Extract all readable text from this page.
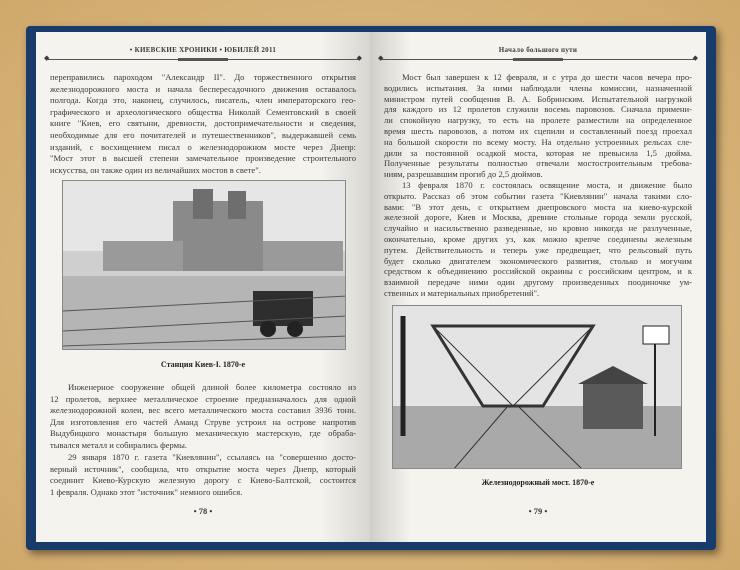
• КИЕВСКИЕ ХРОНИКИ • ЮБИЛЕЙ 2011
◆
◆
переправились пароходом "Александр II". До торжественного открытия
железнодорожного моста и начала беспересадочного движения оставалось
полгода. Когда это, наконец, случилось, писатель, член императорского гео-
графического и археологического общества Николай Сементовский в своей
книге "Киев, его святыни, древности, достопримечательности и сведения,
необходимые для его почитателей и путешественников", выдержавшей семь
изданий, с восхищением писал о железнодорожном мосте через Днепр:
"Мост этот в высшей степени замечательное произведение строительного
искусства, он также один из величайших мостов в свете".
Станция Киев-I. 1870-е
Инженерное сооружение общей длиной более километра состояло из
12 пролетов, верхнее металлическое строение предназначалось для одной
железнодорожной колеи, вес всего металлического моста составил 3936 тонн.
Для изготовления его частей Аманд Струве устроил на острове напротив
Выдубицкого монастыря большую механическую мастерскую, где обраба-
тывался металл и собирались фермы.
29 января 1870 г. газета "Киевлянин", ссылаясь на "совершенно досто-
верный источник", сообщила, что открытие моста через Днепр, который
соединит Киево-Курскую железную дорогу с Киево-Балтской, состоится
1 февраля. Однако этот "источник" немного ошибся.
• 78 •
Начало большого пути
◆
◆
Мост был завершен к 12 февраля, и с утра до шести часов вечера про-
водились испытания. За ними наблюдали члены комиссии, назначенной
министром путей сообщения В. А. Бобринским. Испытательной нагрузкой
для каждого из 12 пролетов служили восемь паровозов. Сначала примени-
ли спокойную нагрузку, то есть на пролете разместили на определенное
время шесть паровозов, а потом их сцепили и составленный поезд проехал
на большой скорости по всему мосту. На отдельно устроенных рельсах сле-
дили за постоянной осадкой моста, которая не превысила 1,5 дюйма.
Полученные результаты полностью отвечали мостостроительным требова-
ниям, разрешавшим прогиб до 2,5 дюймов.
13 февраля 1870 г. состоялась освящение моста, и движение было
открыто. Рассказ об этом событии газета "Киевлянин" начала такими сло-
вами: "В этот день, с открытием днепровского моста на киево-курской
железной дороге, Киев и Москва, древние стольные города земли русской,
случайно и насильственно разведенные, но кровно никогда не разлученные,
окончательно, кроме других уз, как можно крепче соединены железным
путем. Действительность и теперь уже предвещает, что рельсовый путь
будет сколько двигателем экономического развития, столько и могучим
средством к объединению российской окраины с российским центром, и к
взаимной передаче ними один другому произведенных поодиночке ум-
ственных и материальных приобретений".
Железнодорожный мост. 1870-е
• 79 •
